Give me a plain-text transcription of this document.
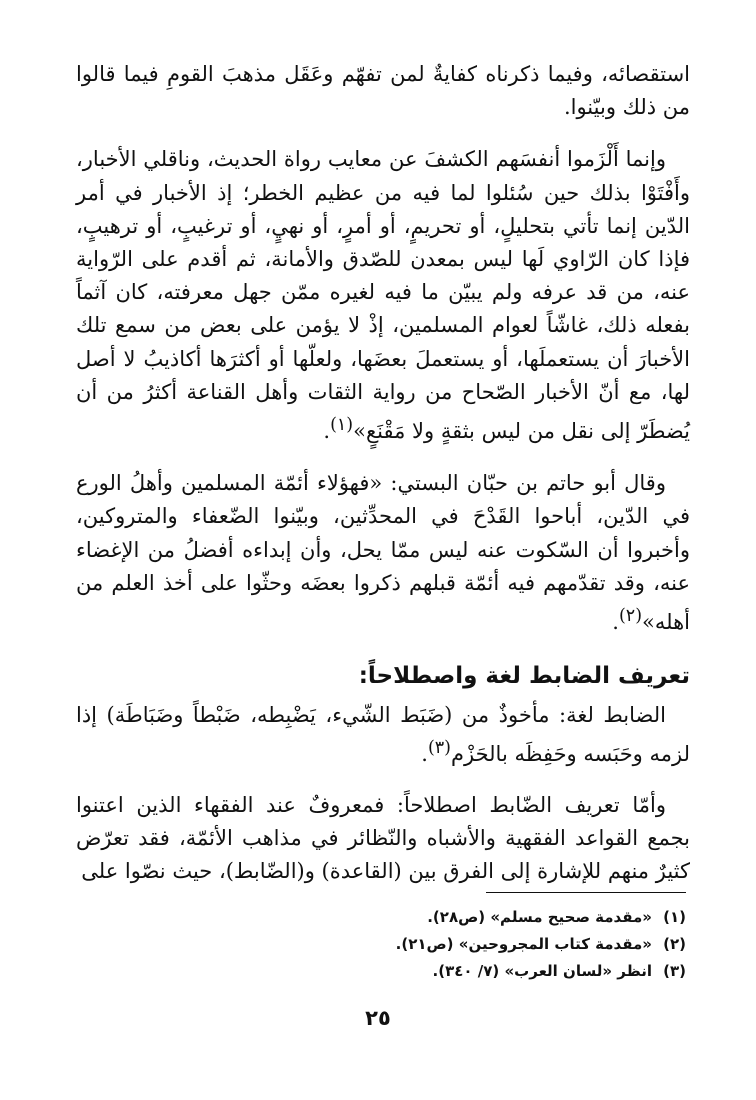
استقصائه، وفيما ذكرناه كفايةٌ لمن تفهّم وعَقَل مذهبَ القومِ فيما قالوا من ذلك وبيّنوا.

وإنما أَلْزَموا أنفسَهم الكشفَ عن معايب رواة الحديث، وناقلي الأخبار، وأَفْتَوْا بذلك حين سُئلوا لما فيه من عظيم الخطر؛ إذ الأخبار في أمر الدّين إنما تأتي بتحليلٍ، أو تحريمٍ، أو أمرٍ، أو نهيٍ، أو ترغيبٍ، أو ترهيبٍ، فإذا كان الرّاوي لَها ليس بمعدن للصّدق والأمانة، ثم أقدم على الرّواية عنه، من قد عرفه ولم يبيّن ما فيه لغيره ممّن جهل معرفته، كان آثماً بفعله ذلك، غاشّاً لعوام المسلمين، إذْ لا يؤمن على بعض من سمع تلك الأخبارَ أن يستعملَها، أو يستعملَ بعضَها، ولعلّها أو أكثرَها أكاذيبُ لا أصل لها، مع أنّ الأخبار الصّحاح من رواية الثقات وأهل القناعة أكثرُ من أن يُضطَرّ إلى نقل من ليس بثقةٍ ولا مَقْنَعٍ»$^{(١)}$.

وقال أبو حاتم بن حبّان البستي: «فهؤلاء أئمّة المسلمين وأهلُ الورع في الدّين، أباحوا القَدْحَ في المحدِّثين، وبيّنوا الضّعفاء والمتروكين، وأخبروا أن السّكوت عنه ليس ممّا يحل، وأن إبداءه أفضلُ من الإغضاء عنه، وقد تقدّمهم فيه أئمّة قبلهم ذكروا بعضَه وحثّوا على أخذ العلم من أهله»$^{(٢)}$.

تعريف الضابط لغة واصطلاحاً:

الضابط لغة: مأخوذٌ من (ضَبَط الشّيء، يَضْبِطه، ضَبْطاً وضَبَاطَة) إذا لزمه وحَبَسه وحَفِظَه بالحَزْم$^{(٣)}$.

وأمّا تعريف الضّابط اصطلاحاً: فمعروفٌ عند الفقهاء الذين اعتنوا بجمع القواعد الفقهية والأشباه والنّظائر في مذاهب الأئمّة، فقد تعرّض كثيرٌ منهم للإشارة إلى الفرق بين (القاعدة) و(الضّابط)، حيث نصّوا على

(١)«مقدمة صحيح مسلم» (ص٢٨).
(٢)«مقدمة كتاب المجروحين» (ص٢١).
(٣)انظر «لسان العرب» (٧/ ٣٤٠).
٢٥
